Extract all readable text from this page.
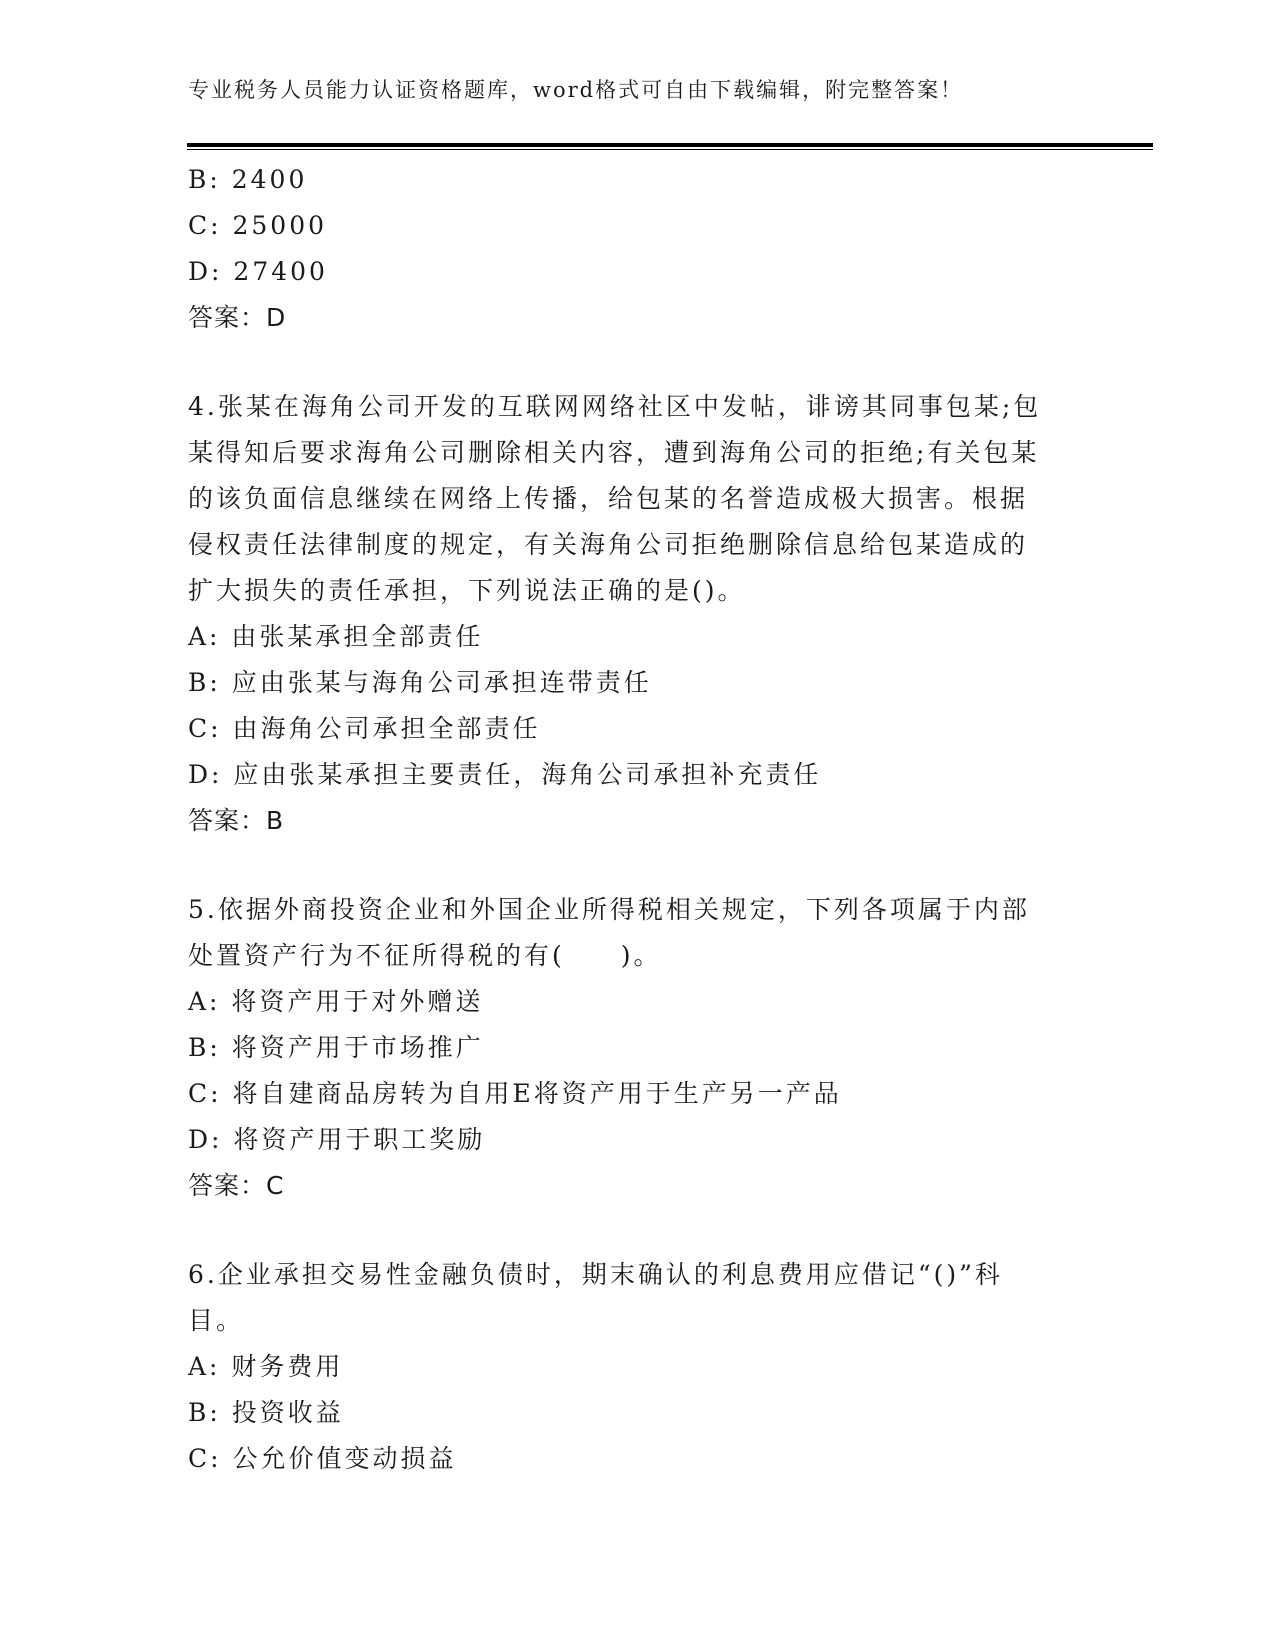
专业税务人员能力认证资格题库，word格式可自由下载编辑，附完整答案！
B: 2400
C: 25000
D: 27400
答案：D
4.张某在海角公司开发的互联网网络社区中发帖，诽谤其同事包某;包
某得知后要求海角公司删除相关内容，遭到海角公司的拒绝;有关包某
的该负面信息继续在网络上传播，给包某的名誉造成极大损害。根据
侵权责任法律制度的规定，有关海角公司拒绝删除信息给包某造成的
扩大损失的责任承担，下列说法正确的是()。
A: 由张某承担全部责任
B: 应由张某与海角公司承担连带责任
C: 由海角公司承担全部责任
D: 应由张某承担主要责任，海角公司承担补充责任
答案：B
5.依据外商投资企业和外国企业所得税相关规定，下列各项属于内部
处置资产行为不征所得税的有(　　)。
A: 将资产用于对外赠送
B: 将资产用于市场推广
C: 将自建商品房转为自用E将资产用于生产另一产品
D: 将资产用于职工奖励
答案：C
6.企业承担交易性金融负债时，期末确认的利息费用应借记“()”科
目。
A: 财务费用
B: 投资收益
C: 公允价值变动损益
